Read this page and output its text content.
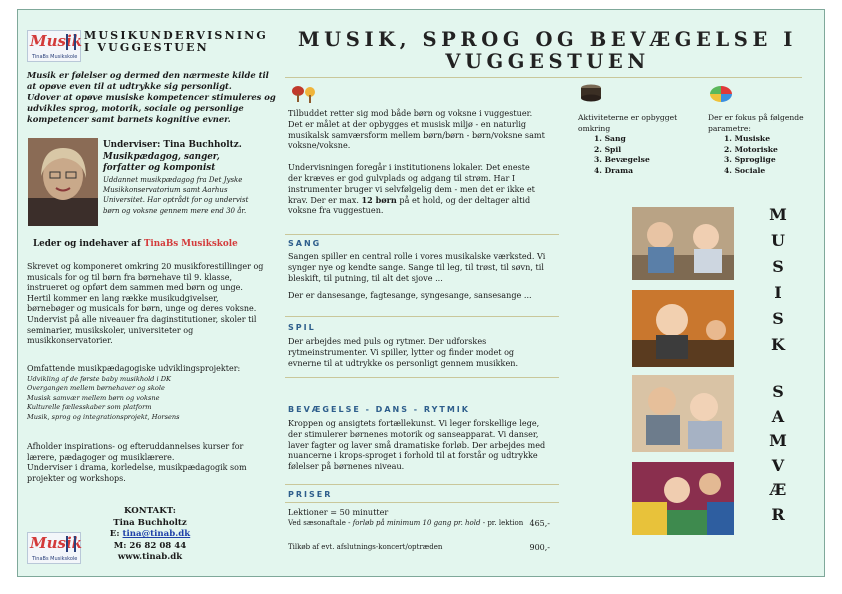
Musik
TinaBs Musikskole
MUSIKUNDERVISNING
I VUGGESTUEN
Musik er følelser og dermed den nærmeste kilde til
at opøve even til at udtrykke sig personligt.
Udover at opøve musiske kompetencer stimuleres og
udvikles sprog, motorik, sociale og personlige
kompetencer samt barnets kognitive evner.
Underviser: Tina Buchholtz.
Musikpædagog, sanger,
forfatter og komponist
Uddannet musikpædagog fra Det Jyske
Musikkonservatorium samt Aarhus
Universitet. Har optrådt for og undervist
børn og voksne gennem mere end 30 år.
Leder og indehaver af TinaBs Musikskole
Skrevet og komponeret omkring 20 musikforestillinger og
musicals for og til børn fra børnehave til 9. klasse,
instrueret og opført dem sammen med børn og unge.
Hertil kommer en lang række musikudgivelser,
børnebøger og musicals for børn, unge og deres voksne.
Undervist på alle niveauer fra daginstitutioner, skoler til
seminarier, musikskoler, universiteter og
musikkonservatorier.
Omfattende musikpædagogiske udviklingsprojekter:
Udvikling af de første baby musikhold i DK
Overgangen mellem børnehaver og skole
Musisk samvær mellem børn og voksne
Kulturelle fællesskaber som platform
Musik, sprog og integrationsprojekt, Horsens
Afholder inspirations- og efteruddannelses kurser for
lærere, pædagoger og musiklærere.
Underviser i drama, korledelse, musikpædagogik som
projekter og workshops.
KONTAKT:
Tina Buchholtz
E: tina@tinab.dk
M: 26 82 08 44
www.tinab.dk
Musik
TinaBs Musikskole
MUSIK, SPROG OG BEVÆGELSE I
VUGGESTUEN
Tilbuddet retter sig mod både børn og voksne i vuggestuer.
Det er målet at der opbygges et musisk miljø - en naturlig
musikalsk samværsform mellem børn/børn - børn/voksne samt
voksne/voksne.
Undervisningen foregår i institutionens lokaler. Det eneste
der kræves er god gulvplads og adgang til strøm. Har I
instrumenter bruger vi selvfølgelig dem - men det er ikke et
krav. Der er max. 12 børn på et hold, og der deltager altid
voksne fra vuggestuen.
SANG
Sangen spiller en central rolle i vores musikalske værksted. Vi
synger nye og kendte sange. Sange til leg, til trøst, til søvn, til
bleskift, til putning, til alt det sjove ...
Der er dansesange, fagtesange, syngesange, sansesange ...
SPIL
Der arbejdes med puls og rytmer. Der udforskes
rytmeinstrumenter. Vi spiller, lytter og finder modet og
evnerne til at udtrykke os personligt gennem musikken.
BEVÆGELSE - DANS - RYTMIK
Kroppen og ansigtets fortællekunst. Vi leger forskellige lege,
der stimulerer børnenes motorik og sanseapparat. Vi danser,
laver fagter og laver små dramatiske forløb. Der arbejdes med
nuancerne i krops-sproget i forhold til at forstår og udtrykke
følelser på børnenes niveau.
PRISER
Lektioner = 50 minutter
Ved sæsonaftale - forløb på minimum 10 gang pr. hold - pr. lektion 465,-
Tilkøb af evt. afslutnings-koncert/optræden	900,-
Aktiviteterne er opbygget
omkring
1. Sang
2. Spil
3. Bevægelse
4. Drama
Der er fokus på følgende
parametre:
1. Musiske
2. Motoriske
3. Sproglige
4. Sociale
M
U
S
I
S
K
S
A
M
V
Æ
R
